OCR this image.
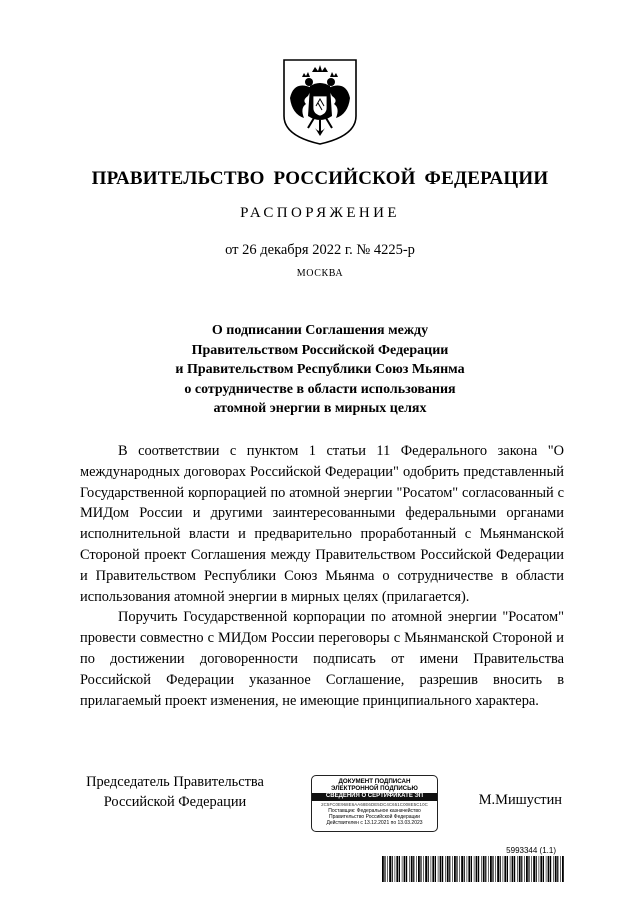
ПРАВИТЕЛЬСТВО РОССИЙСКОЙ ФЕДЕРАЦИИ
РАСПОРЯЖЕНИЕ
от 26 декабря 2022 г. № 4225-р
МОСКВА
О подписании Соглашения между
Правительством Российской Федерации
и Правительством Республики Союз Мьянма
о сотрудничестве в области использования
атомной энергии в мирных целях

В соответствии с пунктом 1 статьи 11 Федерального закона "О международных договорах Российской Федерации" одобрить представленный Государственной корпорацией по атомной энергии "Росатом" согласованный с МИДом России и другими заинтересованными федеральными органами исполнительной власти и предварительно проработанный с Мьянманской Стороной проект Соглашения между Правительством Российской Федерации и Правительством Республики Союз Мьянма о сотрудничестве в области использования атомной энергии в мирных целях (прилагается).

Поручить Государственной корпорации по атомной энергии "Росатом" провести совместно с МИДом России переговоры с Мьянманской Стороной и по достижении договоренности подписать от имени Правительства Российской Федерации указанное Соглашение, разрешив вносить в прилагаемый проект изменения, не имеющие принципиального характера.

Председатель Правительства
Российской Федерации
ДОКУМЕНТ ПОДПИСАН
ЭЛЕКТРОННОЙ ПОДПИСЬЮ
СВЕДЕНИЯ О СЕРТИФИКАТЕ ЭП
2C5FC0E968E6AA68E6DE5DC4C651C008E5C10C
Поставщик: Федеральное казначейство
Правительство Российской Федерации
Действителен с 13.12.2021 по 13.03.2023
М.Мишустин
5993344 (1.1)
